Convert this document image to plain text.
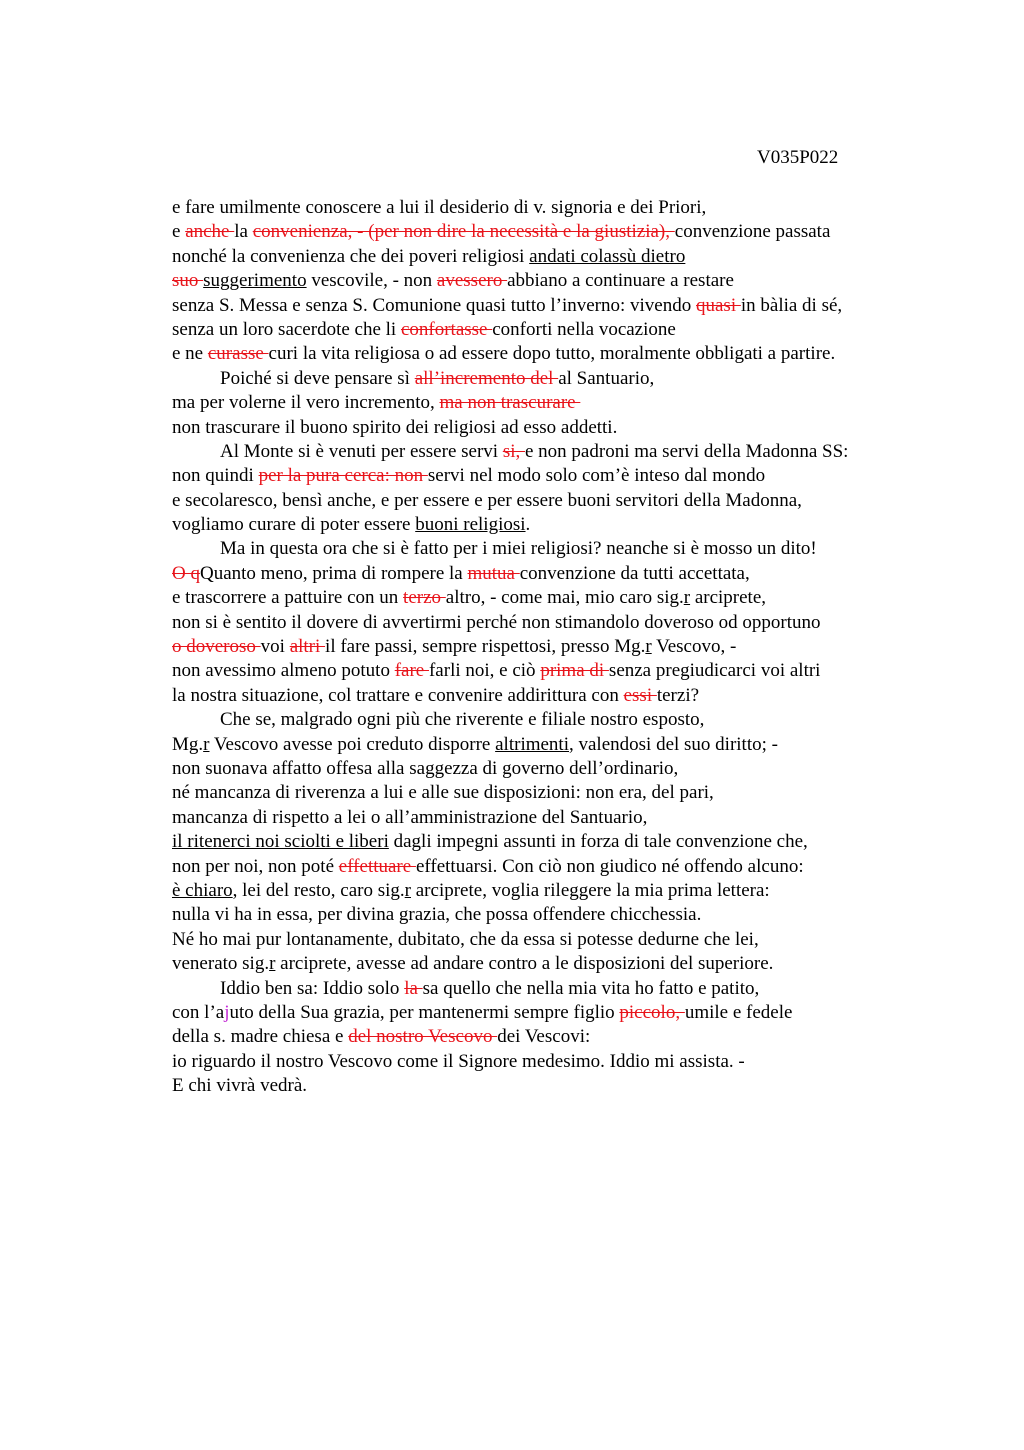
V035P022
e fare umilmente conoscere a lui il desiderio di v. signoria e dei Priori,
e anche la convenienza, - (per non dire la necessità e la giustizia), convenzione passata
nonché la convenienza che dei poveri religiosi andati colassù dietro
suo suggerimento vescovile, - non avessero abbiano a continuare a restare
senza S. Messa e senza S. Comunione quasi tutto l’inverno: vivendo quasi in bàlia di sé,
senza un loro sacerdote che li confortasse conforti nella vocazione
e ne curasse curi la vita religiosa o ad essere dopo tutto, moralmente obbligati a partire.
Poiché si deve pensare sì all’incremento del al Santuario,
ma per volerne il vero incremento, ma non trascurare
non trascurare il buono spirito dei religiosi ad esso addetti.
Al Monte si è venuti per essere servi si, e non padroni ma servi della Madonna SS:
non quindi per la pura cerca: non servi nel modo solo com’è inteso dal mondo
e secolaresco, bensì anche, e per essere e per essere buoni servitori della Madonna,
vogliamo curare di poter essere buoni religiosi.
Ma in questa ora che si è fatto per i miei religiosi? neanche si è mosso un dito!
O qQuanto meno, prima di rompere la mutua convenzione da tutti accettata,
e trascorrere a pattuire con un terzo altro, - come mai, mio caro sig.r arciprete,
non si è sentito il dovere di avvertirmi perché non stimandolo doveroso od opportuno
o doveroso voi altri il fare passi, sempre rispettosi, presso Mg.r Vescovo, -
non avessimo almeno potuto fare farli noi, e ciò prima di senza pregiudicarci voi altri
la nostra situazione, col trattare e convenire addirittura con essi terzi?
Che se, malgrado ogni più che riverente e filiale nostro esposto,
Mg.r Vescovo avesse poi creduto disporre altrimenti, valendosi del suo diritto; -
non suonava affatto offesa alla saggezza di governo dell’ordinario,
né mancanza di riverenza a lui e alle sue disposizioni: non era, del pari,
mancanza di rispetto a lei o all’amministrazione del Santuario,
il ritenerci noi sciolti e liberi dagli impegni assunti in forza di tale convenzione che,
non per noi, non poté effettuare effettuarsi. Con ciò non giudico né offendo alcuno:
è chiaro, lei del resto, caro sig.r arciprete, voglia rileggere la mia prima lettera:
nulla vi ha in essa, per divina grazia, che possa offendere chicchessia.
Né ho mai pur lontanamente, dubitato, che da essa si potesse dedurne che lei,
venerato sig.r arciprete, avesse ad andare contro a le disposizioni del superiore.
Iddio ben sa: Iddio solo la sa quello che nella mia vita ho fatto e patito,
con l’ajuto della Sua grazia, per mantenermi sempre figlio piccolo, umile e fedele
della s. madre chiesa e del nostro Vescovo dei Vescovi:
io riguardo il nostro Vescovo come il Signore medesimo. Iddio mi assista. -
E chi vivrà vedrà.
